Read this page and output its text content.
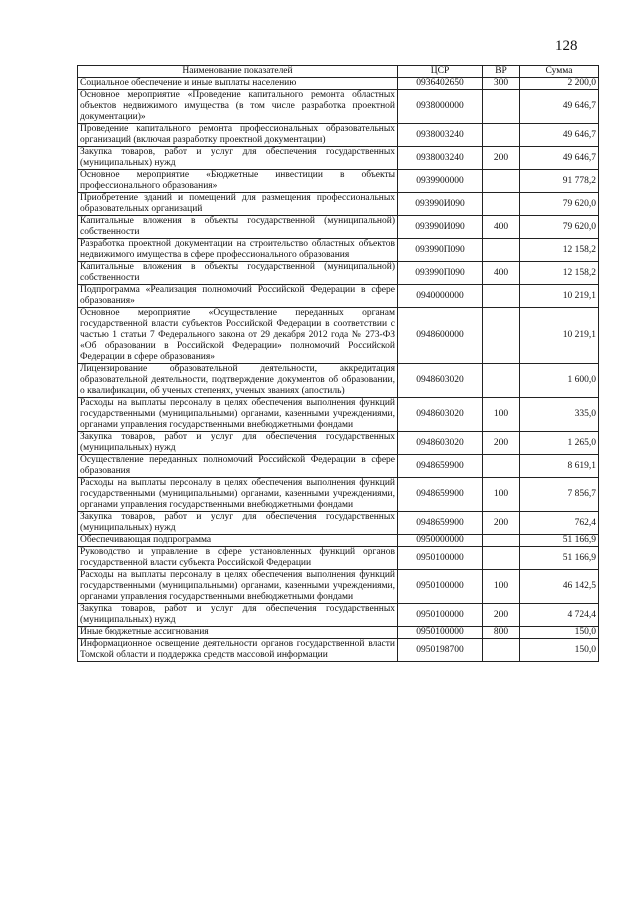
128
Наименование показателей	ЦСР	ВР	Сумма
Социальное обеспечение и иные выплаты населению	0936402650	300	2 200,0
Основное мероприятие «Проведение капитального ремонта областных объектов недвижимого имущества (в том числе разработка проектной документации)»	0938000000		49 646,7
Проведение капитального ремонта профессиональных образовательных организаций (включая разработку проектной документации)	0938003240		49 646,7
Закупка товаров, работ и услуг для обеспечения государственных (муниципальных) нужд	0938003240	200	49 646,7
Основное мероприятие «Бюджетные инвестиции в объекты профессионального образования»	0939900000		91 778,2
Приобретение зданий и помещений для размещения профессиональных образовательных организаций	093990И090		79 620,0
Капитальные вложения в объекты государственной (муниципальной) собственности	093990И090	400	79 620,0
Разработка проектной документации на строительство областных объектов недвижимого имущества в сфере профессионального образования	093990П090		12 158,2
Капитальные вложения в объекты государственной (муниципальной) собственности	093990П090	400	12 158,2
Подпрограмма «Реализация полномочий Российской Федерации в сфере образования»	0940000000		10 219,1
Основное мероприятие «Осуществление переданных органам государственной власти субъектов Российской Федерации в соответствии с частью 1 статьи 7 Федерального закона от 29 декабря 2012 года № 273-ФЗ «Об образовании в Российской Федерации» полномочий Российской Федерации в сфере образования»	0948600000		10 219,1
Лицензирование образовательной деятельности, аккредитация образовательной деятельности, подтверждение документов об образовании, о квалификации, об ученых степенях, ученых званиях (апостиль)	0948603020		1 600,0
Расходы на выплаты персоналу в целях обеспечения выполнения функций государственными (муниципальными) органами, казенными учреждениями, органами управления государственными внебюджетными фондами	0948603020	100	335,0
Закупка товаров, работ и услуг для обеспечения государственных (муниципальных) нужд	0948603020	200	1 265,0
Осуществление переданных полномочий Российской Федерации в сфере образования	0948659900		8 619,1
Расходы на выплаты персоналу в целях обеспечения выполнения функций государственными (муниципальными) органами, казенными учреждениями, органами управления государственными внебюджетными фондами	0948659900	100	7 856,7
Закупка товаров, работ и услуг для обеспечения государственных (муниципальных) нужд	0948659900	200	762,4
Обеспечивающая подпрограмма	0950000000		51 166,9
Руководство и управление в сфере установленных функций органов государственной власти субъекта Российской Федерации	0950100000		51 166,9
Расходы на выплаты персоналу в целях обеспечения выполнения функций государственными (муниципальными) органами, казенными учреждениями, органами управления государственными внебюджетными фондами	0950100000	100	46 142,5
Закупка товаров, работ и услуг для обеспечения государственных (муниципальных) нужд	0950100000	200	4 724,4
Иные бюджетные ассигнования	0950100000	800	150,0
Информационное освещение деятельности органов государственной власти Томской области и поддержка средств массовой информации	0950198700		150,0
